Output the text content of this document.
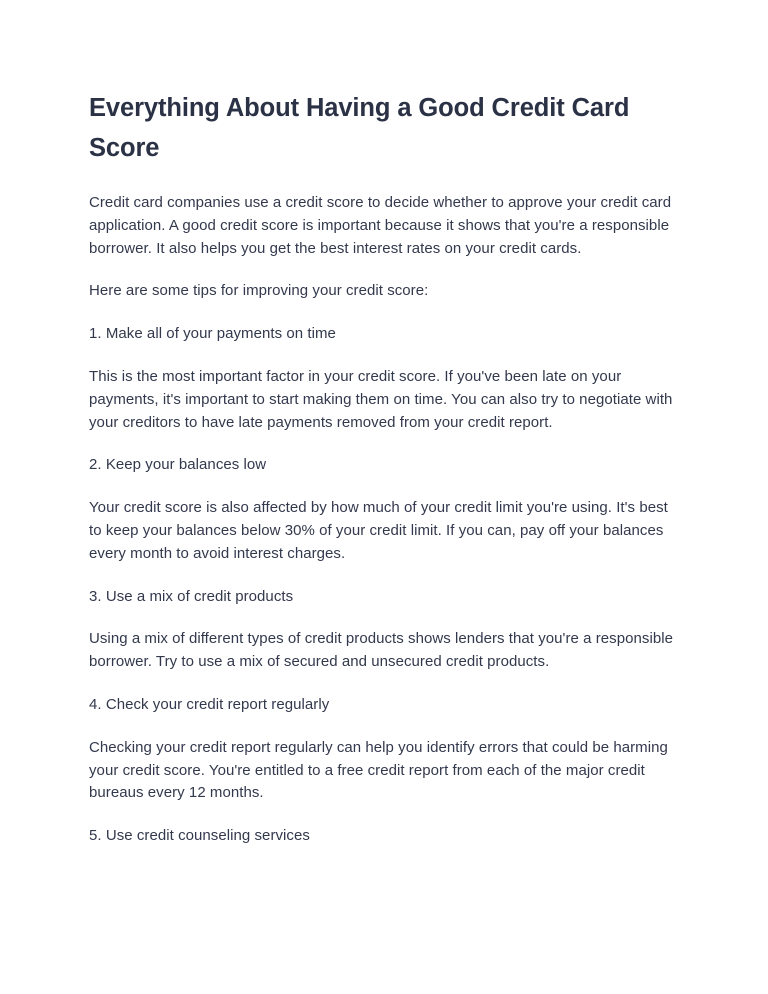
Everything About Having a Good Credit Card Score

Credit card companies use a credit score to decide whether to approve your credit card application. A good credit score is important because it shows that you're a responsible borrower. It also helps you get the best interest rates on your credit cards.

Here are some tips for improving your credit score:

1. Make all of your payments on time

This is the most important factor in your credit score. If you've been late on your payments, it's important to start making them on time. You can also try to negotiate with your creditors to have late payments removed from your credit report.

2. Keep your balances low

Your credit score is also affected by how much of your credit limit you're using. It's best to keep your balances below 30% of your credit limit. If you can, pay off your balances every month to avoid interest charges.

3. Use a mix of credit products

Using a mix of different types of credit products shows lenders that you're a responsible borrower. Try to use a mix of secured and unsecured credit products.

4. Check your credit report regularly

Checking your credit report regularly can help you identify errors that could be harming your credit score. You're entitled to a free credit report from each of the major credit bureaus every 12 months.

5. Use credit counseling services
